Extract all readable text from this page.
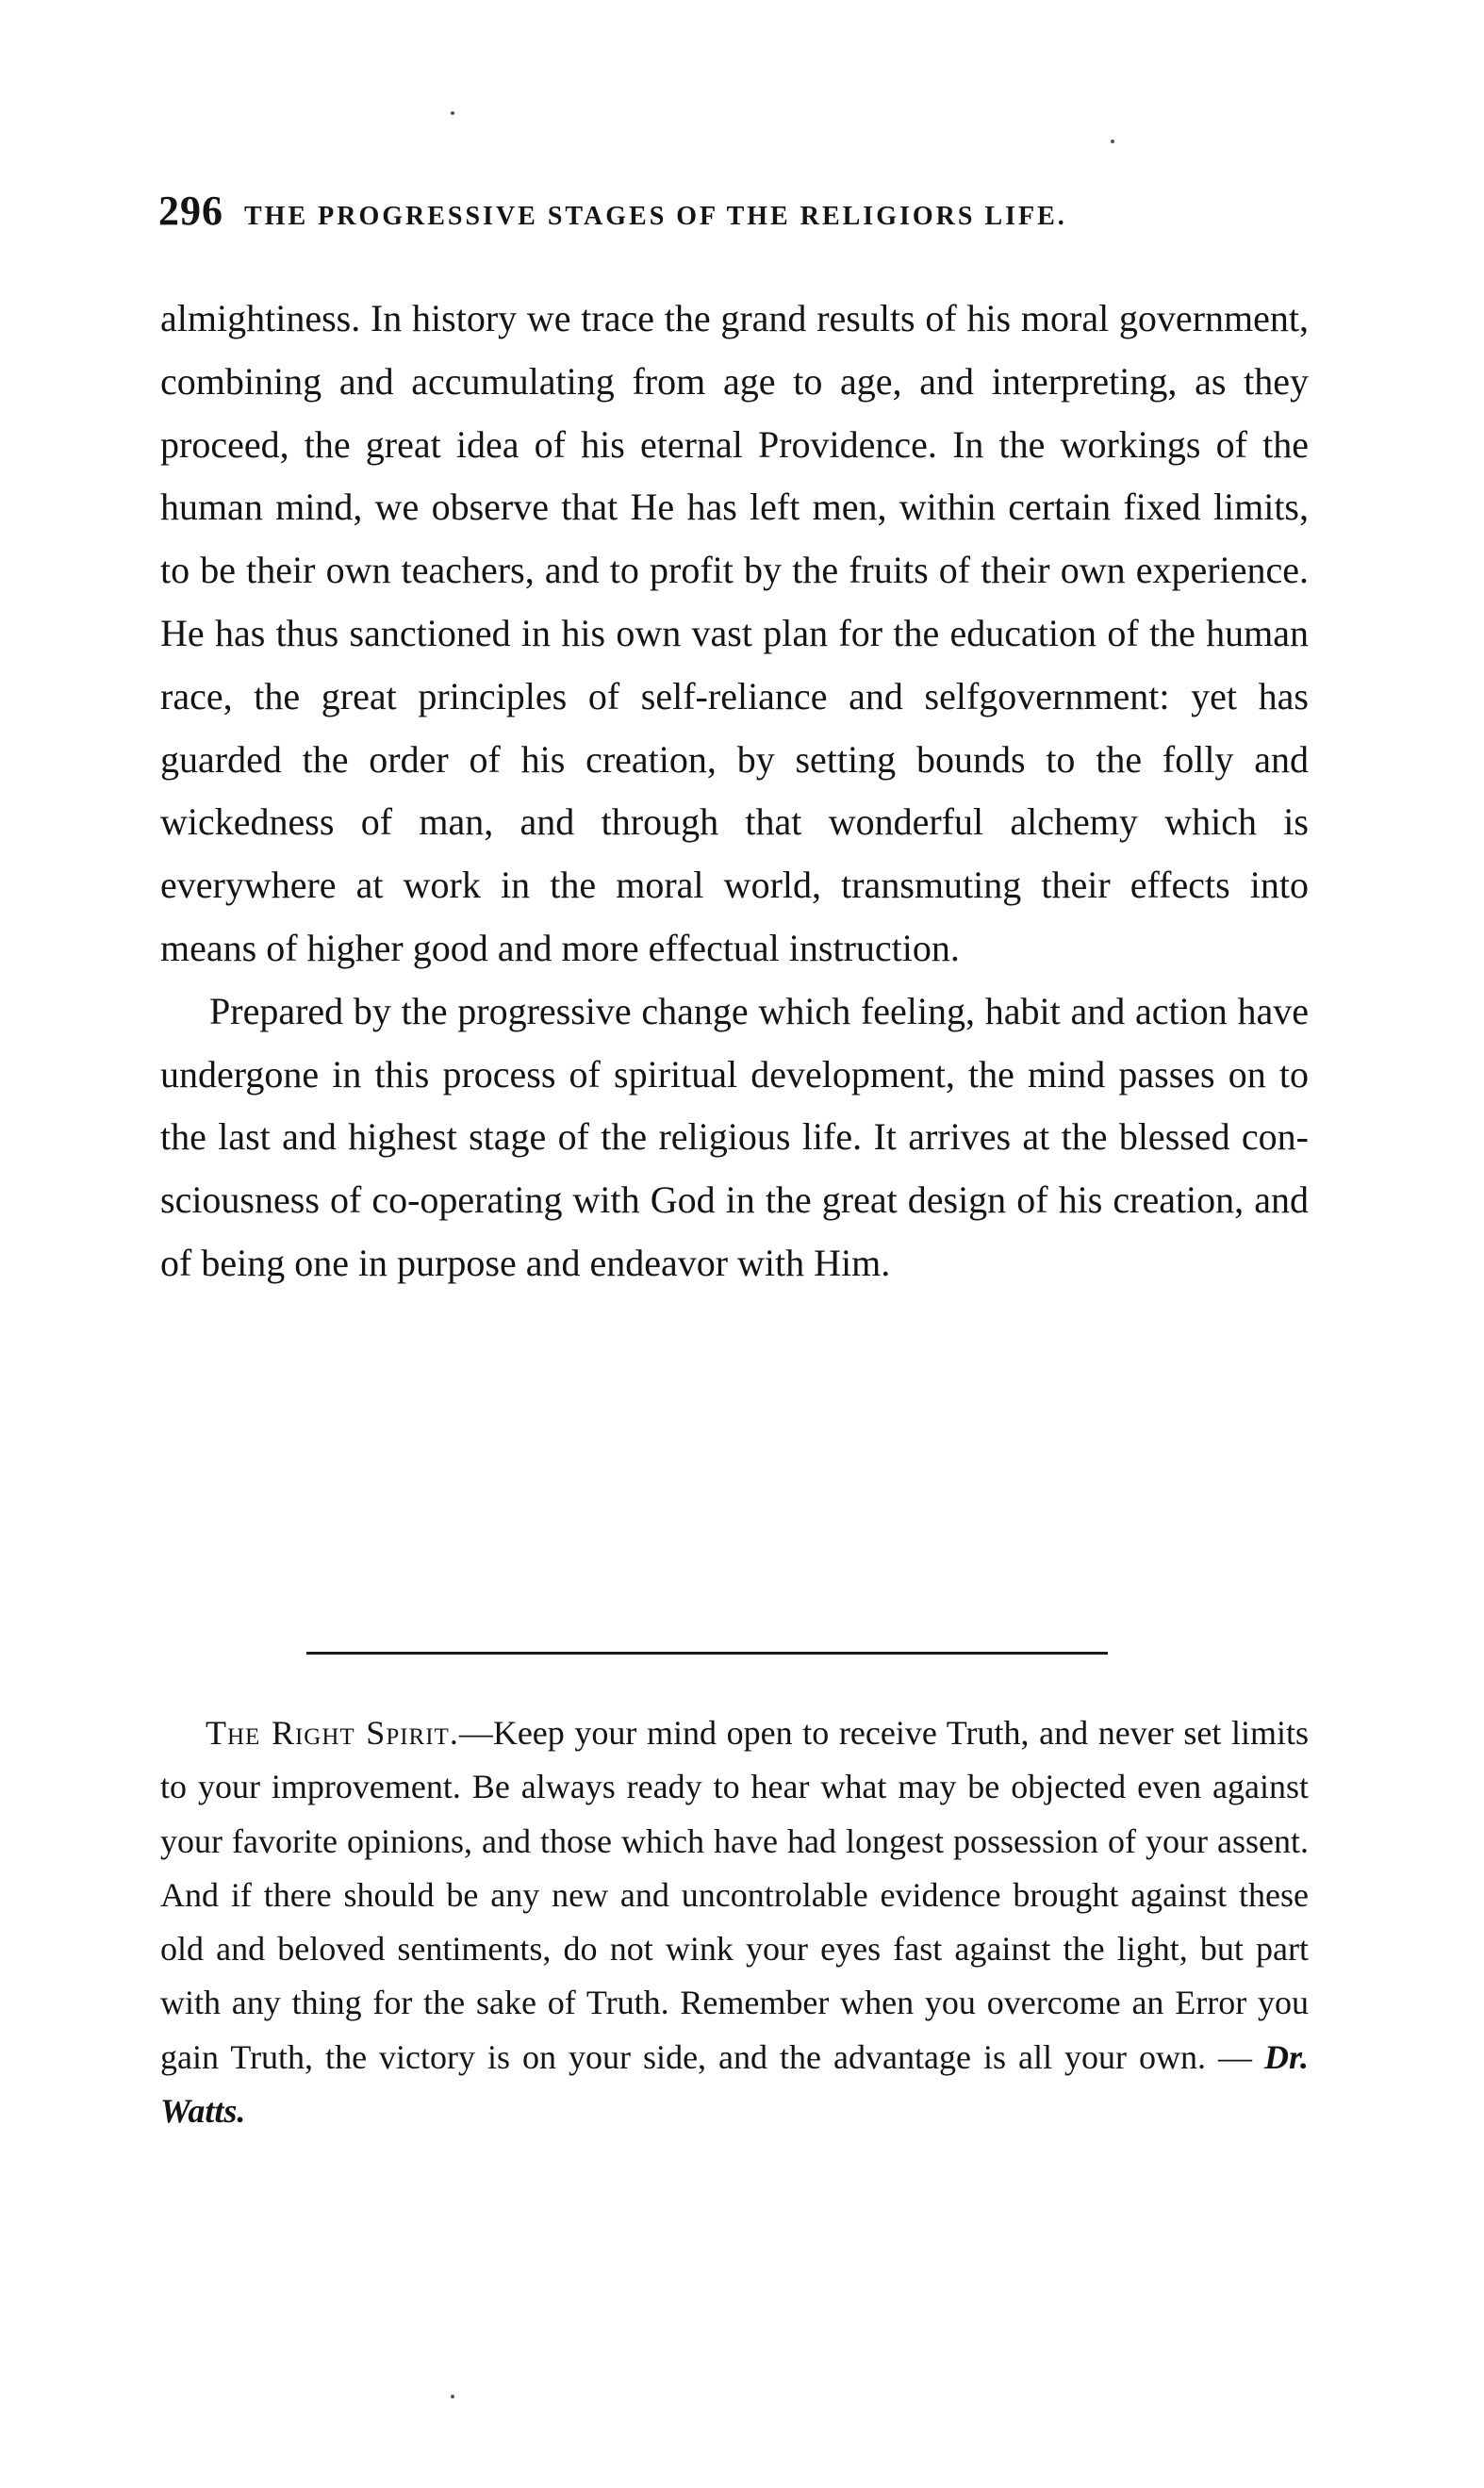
296 THE PROGRESSIVE STAGES OF THE RELIGIORS LIFE.

almightiness. In history we trace the grand results of his moral government, combining and accumulating from age to age, and interpreting, as they proceed, the great idea of his eternal Providence. In the workings of the human mind, we observe that He has left men, within certain fixed limits, to be their own teachers, and to profit by the fruits of their own experience. He has thus sanctioned in his own vast plan for the education of the human race, the great principles of self-reliance and selfgovernment: yet has guarded the order of his creation, by setting bounds to the folly and wickedness of man, and through that wonderful alchemy which is everywhere at work in the moral world, transmuting their effects into means of higher good and more effectual instruction.

Prepared by the progressive change which feeling, habit and action have undergone in this process of spiritual development, the mind passes on to the last and highest stage of the religious life. It arrives at the blessed consciousness of co-operating with God in the great design of his creation, and of being one in purpose and endeavor with Him.

The Right Spirit.—Keep your mind open to receive Truth, and never set limits to your improvement. Be always ready to hear what may be objected even against your favorite opinions, and those which have had longest possession of your assent. And if there should be any new and uncontrolable evidence brought against these old and beloved sentiments, do not wink your eyes fast against the light, but part with any thing for the sake of Truth. Remember when you overcome an Error you gain Truth, the victory is on your side, and the advantage is all your own. — Dr. Watts.
